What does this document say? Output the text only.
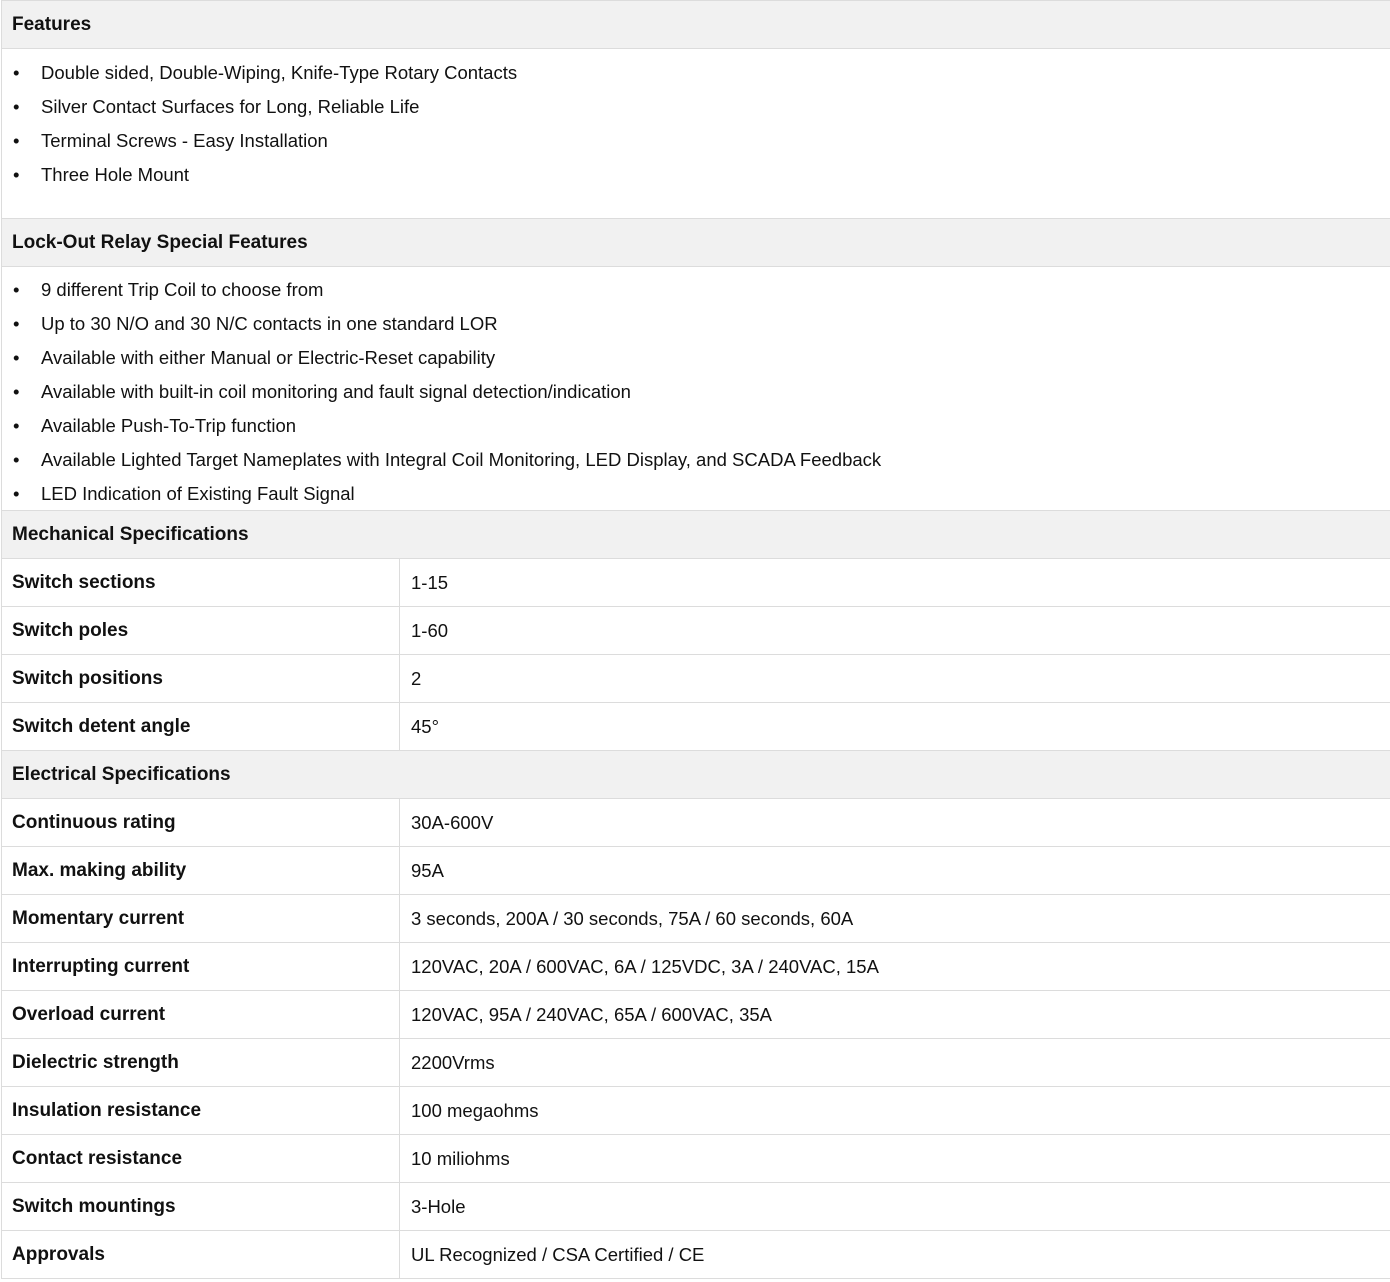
Features
•	Double sided, Double-Wiping, Knife-Type Rotary Contacts
•	Silver Contact Surfaces for Long, Reliable Life
•	Terminal Screws - Easy Installation
•	Three Hole Mount
Lock-Out Relay Special Features
•	9 different Trip Coil to choose from
•	Up to 30 N/O and 30 N/C contacts in one standard LOR
•	Available with either Manual or Electric-Reset capability
•	Available with built-in coil monitoring and fault signal detection/indication
•	Available Push-To-Trip function
•	Available Lighted Target Nameplates with Integral Coil Monitoring, LED Display, and SCADA Feedback
•	LED Indication of Existing Fault Signal
Mechanical Specifications
Switch sections	1-15
Switch poles	1-60
Switch positions	2
Switch detent angle	45°
Electrical Specifications
Continuous rating	30A-600V
Max. making ability	95A
Momentary current	3 seconds, 200A / 30 seconds, 75A / 60 seconds, 60A
Interrupting current	120VAC, 20A / 600VAC, 6A / 125VDC, 3A / 240VAC, 15A
Overload current	120VAC, 95A / 240VAC, 65A / 600VAC, 35A
Dielectric strength	2200Vrms
Insulation resistance	100 megaohms
Contact resistance	10 miliohms
Switch mountings	3-Hole
Approvals	UL Recognized / CSA Certified / CE
